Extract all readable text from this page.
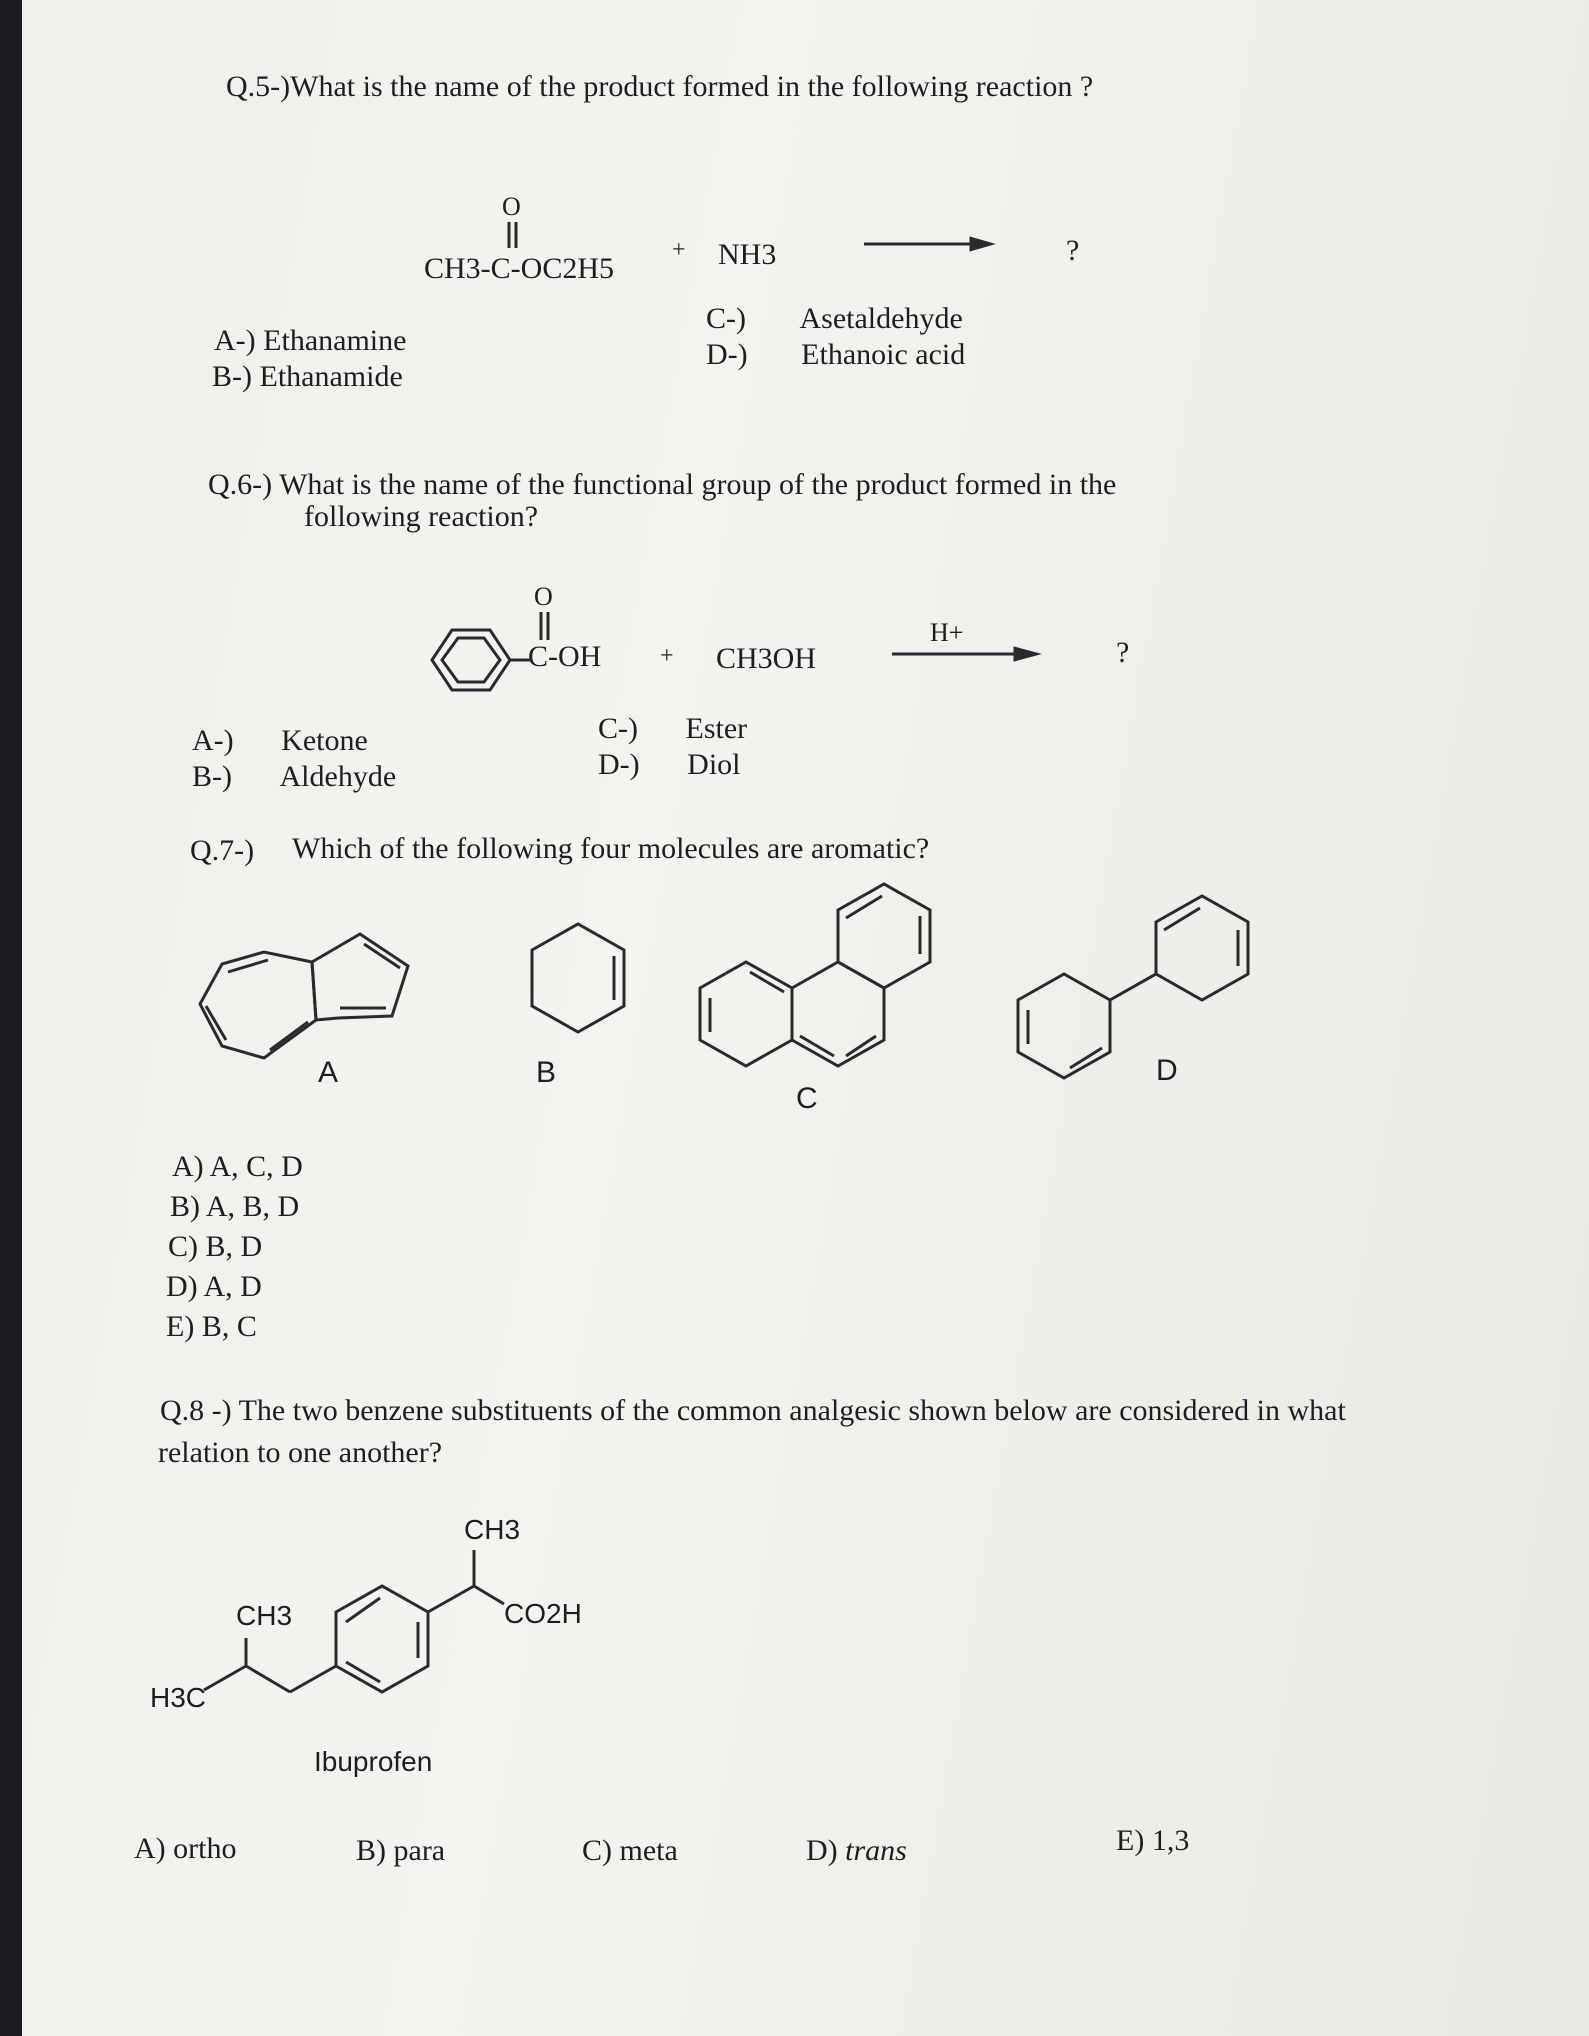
Q.5-)What is the name of the product formed in the following reaction ?
O
CH3-C-OC2H5
+ NH3	?
A-) Ethanamine
B-) Ethanamide
C-) Asetaldehyde
D-) Ethanoic acid
Q.6-) What is the name of the functional group of the product formed in the
following reaction?
O
C-OH + CH3OH
H+
?
A-) Ketone
B-) Aldehyde
C-) Ester
D-) Diol
Q.7-) Which of the following four molecules are aromatic?
A	B
C
D
A) A, C, D
B) A, B, D
C) B, D
D) A, D
E) B, C
Q.8 -) The two benzene substituents of the common analgesic shown below are considered in what
relation to one another?
CH3
CH3
H3C
CO2H
Ibuprofen
A) ortho	B) para	C) meta	D) trans	E) 1,3
